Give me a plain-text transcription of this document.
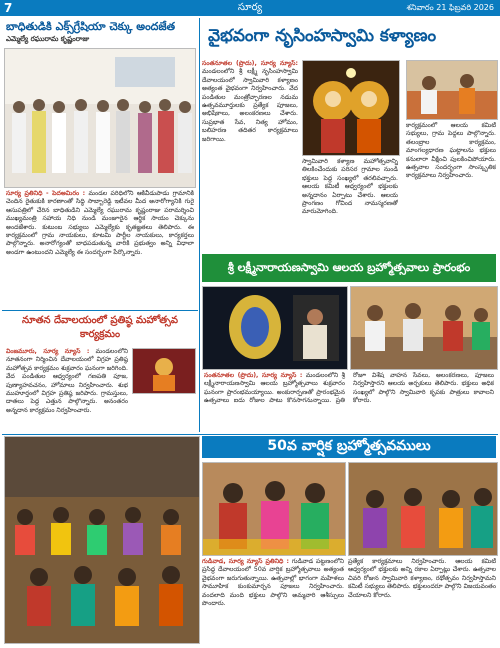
7	సూర్య	శనివారం 21 ఫిబ్రవరి 2026
బాధితుడికి ఎక్స్‌గ్రేషియా చెక్కు అందజేత
ఎమ్మెల్యే రఘురామ కృష్ణంరాజు
సూర్య ప్రతినిధి - పెదఅమిరం : మండల పరిధిలోని ఆకివీడుపాడు గ్రామానికి చెందిన రైతుకుకి కారణాంతో సిద్ధి సాబ్బారెడ్డి ఇటీవల మీద అనారోగ్యానికి గురై ఆసుపత్రిలో చేరిన బాధితుడిని ఎమ్మెల్యే రఘురామ కృష్ణంరాజు పరామర్శించి ముఖ్యమంత్రి సహాయ నిధి నుండి మంజూరైన ఆర్థిక సాయం చెక్కును అందజేశారు. కుటుంబ సభ్యులు ఎమ్మెల్యేకు కృతజ్ఞతలు తెలిపారు. ఈ కార్యక్రమంలో గ్రామ నాయకులు, కూటమి పార్టీల నాయకులు, కార్యకర్తలు పాల్గొన్నారు. అనారోగ్యంతో బాధపడుతున్న వారికి ప్రభుత్వం అన్ని విధాలా అండగా ఉంటుందని ఎమ్మెల్యే ఈ సందర్భంగా పేర్కొన్నారు.
వైభవంగా నృసింహస్వామి కళ్యాణం
సంతనూతల (ప్రొదు), సూర్య న్యూస్: మండలంలోని శ్రీ లక్ష్మీ నృసింహస్వామి దేవాలయంలో స్వామివారి కళ్యాణం అత్యంత వైభవంగా నిర్వహించారు. వేద పండితుల మంత్రోచ్ఛారణల నడుమ ఉత్సవమూర్తులకు ప్రత్యేక పూజలు, అభిషేకాలు, అలంకరణలు చేశారు. సుప్రభాత సేవ, నిత్య హోమం, బలిహరణ తదితర కార్యక్రమాలు జరిగాయి.
స్వామివారి కళ్యాణ మహోత్సవాన్ని తిలకించేందుకు పరిసర గ్రామాల నుండి భక్తులు పెద్ద సంఖ్యలో తరలివచ్చారు. ఆలయ కమిటీ ఆధ్వర్యంలో భక్తులకు అన్నదానం ఏర్పాటు చేశారు. ఆలయ ప్రాంగణం గోవింద నామస్మరణతో మారుమోగింది.
కార్యక్రమంలో ఆలయ కమిటీ సభ్యులు, గ్రామ పెద్దలు పాల్గొన్నారు. తలంబ్రాల కార్యక్రమం, మాంగల్యధారణ ఘట్టాలను భక్తులు కనులారా వీక్షించి పులకించిపోయారు. ఉత్సవాల సందర్భంగా సాంస్కృతిక కార్యక్రమాలు నిర్వహించారు.
శ్రీ లక్ష్మీనారాయణస్వామి ఆలయ బ్రహ్మోత్సవాలు ప్రారంభం
సంతనూతల (ప్రొదు), సూర్య న్యూస్ : మండలంలోని శ్రీ లక్ష్మీనారాయణస్వామి ఆలయ బ్రహ్మోత్సవాలు శుక్రవారం ఘనంగా ప్రారంభమయ్యాయి. అంకురార్పణతో ప్రారంభమైన ఉత్సవాలు ఐదు రోజుల పాటు కొనసాగనున్నాయి. ప్రతి రోజూ విశేష వాహన సేవలు, అలంకరణలు, పూజలు నిర్వహిస్తారని ఆలయ అర్చకులు తెలిపారు. భక్తులు అధిక సంఖ్యలో పాల్గొని స్వామివారి కృపకు పాత్రులు కావాలని కోరారు.
నూతన దేవాలయంలో ప్రతిష్ఠ మహోత్సవ కార్యక్రమం
వింజమూరు, సూర్య న్యూస్ : మండలంలోని నూతనంగా నిర్మించిన దేవాలయంలో విగ్రహ ప్రతిష్ఠ మహోత్సవ కార్యక్రమం శుక్రవారం ఘనంగా జరిగింది. వేద పండితుల ఆధ్వర్యంలో గణపతి పూజ, పుణ్యాహవచనం, హోమాలు నిర్వహించారు. శుభ ముహూర్తంలో విగ్రహ ప్రతిష్ఠ జరిపారు. గ్రామస్తులు, దాతలు పెద్ద ఎత్తున పాల్గొన్నారు. అనంతరం అన్నదాన కార్యక్రమం నిర్వహించారు.
50వ వార్షిక బ్రహ్మోత్సవములు
గుడివాడ, సూర్య న్యూస్ ప్రతినిధి : గుడివాడ పట్టణంలోని ప్రసిద్ధ దేవాలయంలో 50వ వార్షిక బ్రహ్మోత్సవాలు అత్యంత వైభవంగా జరుగుతున్నాయి. ఉత్సవాల్లో భాగంగా మహిళలు సామూహిక కుంకుమార్చన పూజలు నిర్వహించారు. వందలాది మంది భక్తులు పాల్గొని అమ్మవారి ఆశీస్సులు పొందారు.
ప్రత్యేక కార్యక్రమాలు నిర్వహించారు. ఆలయ కమిటీ ఆధ్వర్యంలో భక్తులకు అన్ని రకాల ఏర్పాట్లు చేశారు. ఉత్సవాల చివరి రోజున స్వామివారి కళ్యాణం, రథోత్సవం నిర్వహిస్తామని కమిటీ సభ్యులు తెలిపారు. భక్తులందరూ పాల్గొని విజయవంతం చేయాలని కోరారు.
